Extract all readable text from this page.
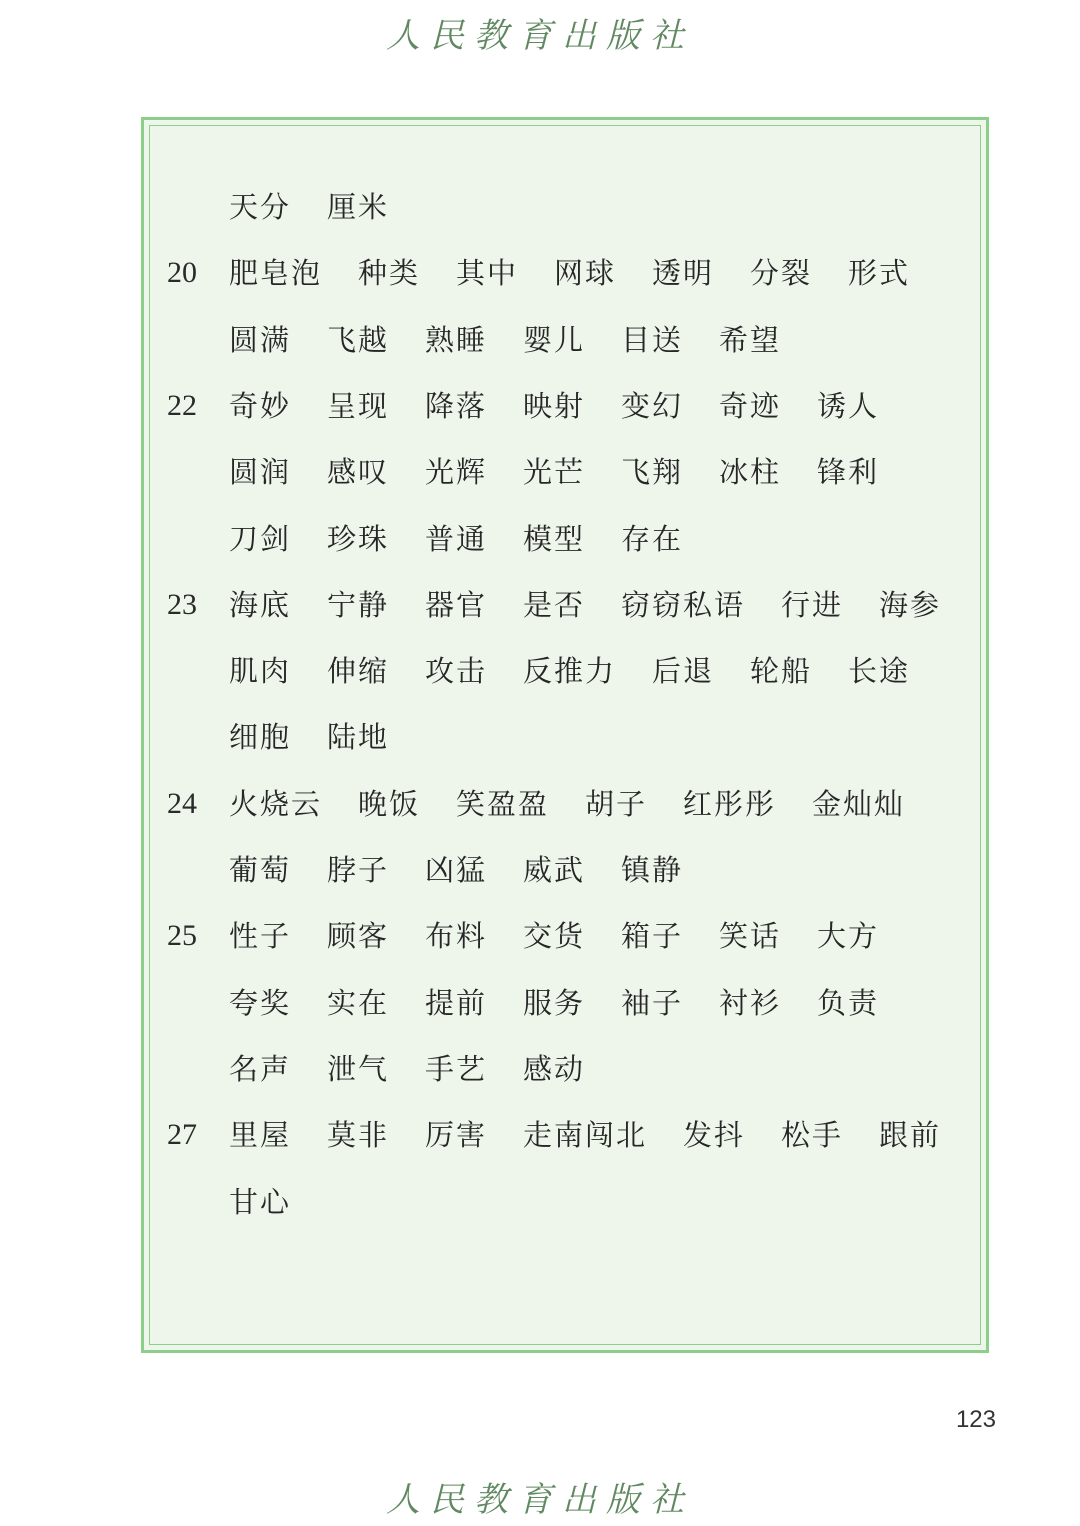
人民教育出版社
天分 厘米
20 肥皂泡 种类 其中 网球 透明 分裂 形式
圆满 飞越 熟睡 婴儿 目送 希望
22 奇妙 呈现 降落 映射 变幻 奇迹 诱人
圆润 感叹 光辉 光芒 飞翔 冰柱 锋利
刀剑 珍珠 普通 模型 存在
23 海底 宁静 器官 是否 窃窃私语 行进 海参
肌肉 伸缩 攻击 反推力 后退 轮船 长途
细胞 陆地
24 火烧云 晚饭 笑盈盈 胡子 红彤彤 金灿灿
葡萄 脖子 凶猛 威武 镇静
25 性子 顾客 布料 交货 箱子 笑话 大方
夸奖 实在 提前 服务 袖子 衬衫 负责
名声 泄气 手艺 感动
27 里屋 莫非 厉害 走南闯北 发抖 松手 跟前
甘心
123
人民教育出版社
